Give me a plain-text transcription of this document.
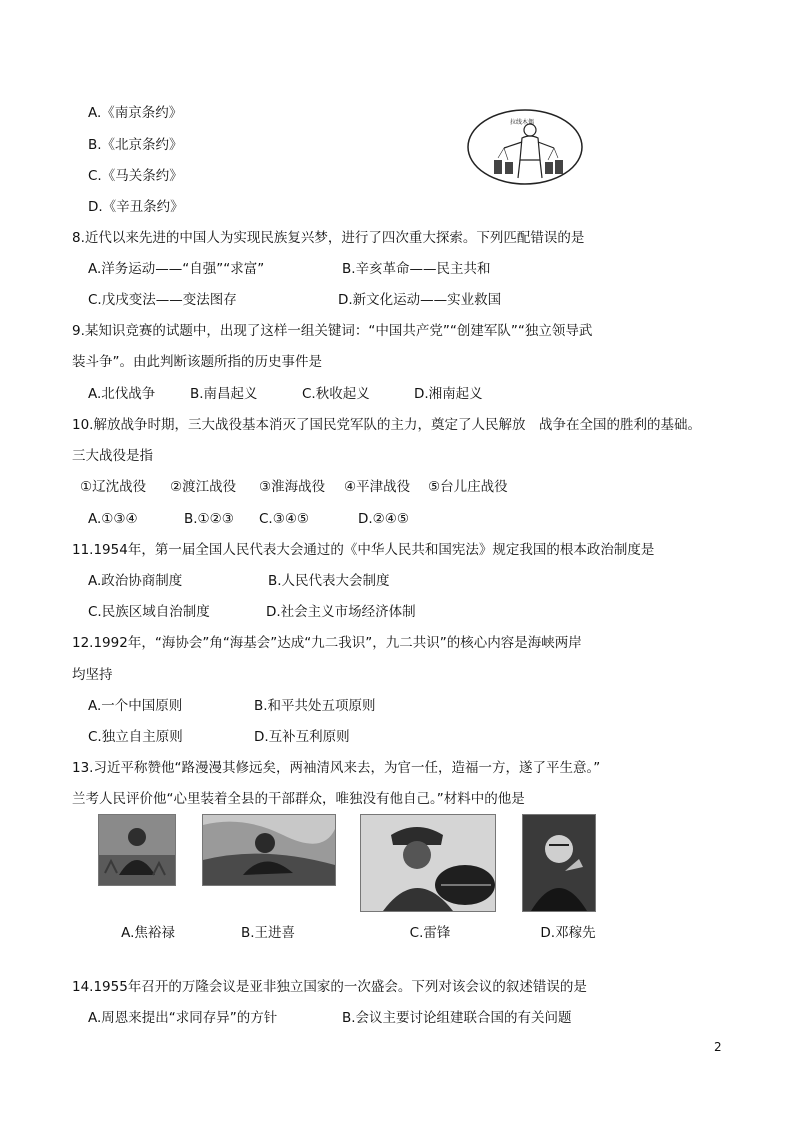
A.《南京条约》
B.《北京条约》
C.《马关条约》
D.《辛丑条约》
拉线木偶
8.近代以来先进的中国人为实现民族复兴梦，进行了四次重大探索。下列匹配错误的是
A.洋务运动——“自强”“求富”	B.辛亥革命——民主共和
C.戊戌变法——变法图存	D.新文化运动——实业救国
9.某知识竞赛的试题中，出现了这样一组关键词：“中国共产党”“创建军队”“独立领导武
装斗争”。由此判断该题所指的历史事件是
A.北伐战争	B.南昌起义	C.秋收起义	D.湘南起义
10.解放战争时期，三大战役基本消灭了国民党军队的主力，奠定了人民解放　战争在全国的胜利的基础。
三大战役是指
①辽沈战役 ②渡江战役 ③淮海战役 ④平津战役 ⑤台儿庄战役
A.①③④	B.①②③ C.③④⑤	D.②④⑤
11.1954年，第一届全国人民代表大会通过的《中华人民共和国宪法》规定我国的根本政治制度是
A.政治协商制度	B.人民代表大会制度
C.民族区域自治制度	D.社会主义市场经济体制
12.1992年，“海协会”角“海基会”达成“九二我识”，九二共识”的核心内容是海峡两岸
均坚持
A.一个中国原则	B.和平共处五项原则
C.独立自主原则	D.互补互利原则
13.习近平称赞他“路漫漫其修远矣，两袖清风来去，为官一任，造福一方，遂了平生意。”
兰考人民评价他“心里装着全县的干部群众，唯独没有他自己。”材料中的他是
A.焦裕禄	B.王进喜	C.雷锋	D.邓稼先
14.1955年召开的万隆会议是亚非独立国家的一次盛会。下列对该会议的叙述错误的是
A.周恩来提出“求同存异”的方针	B.会议主要讨论组建联合国的有关问题
2
